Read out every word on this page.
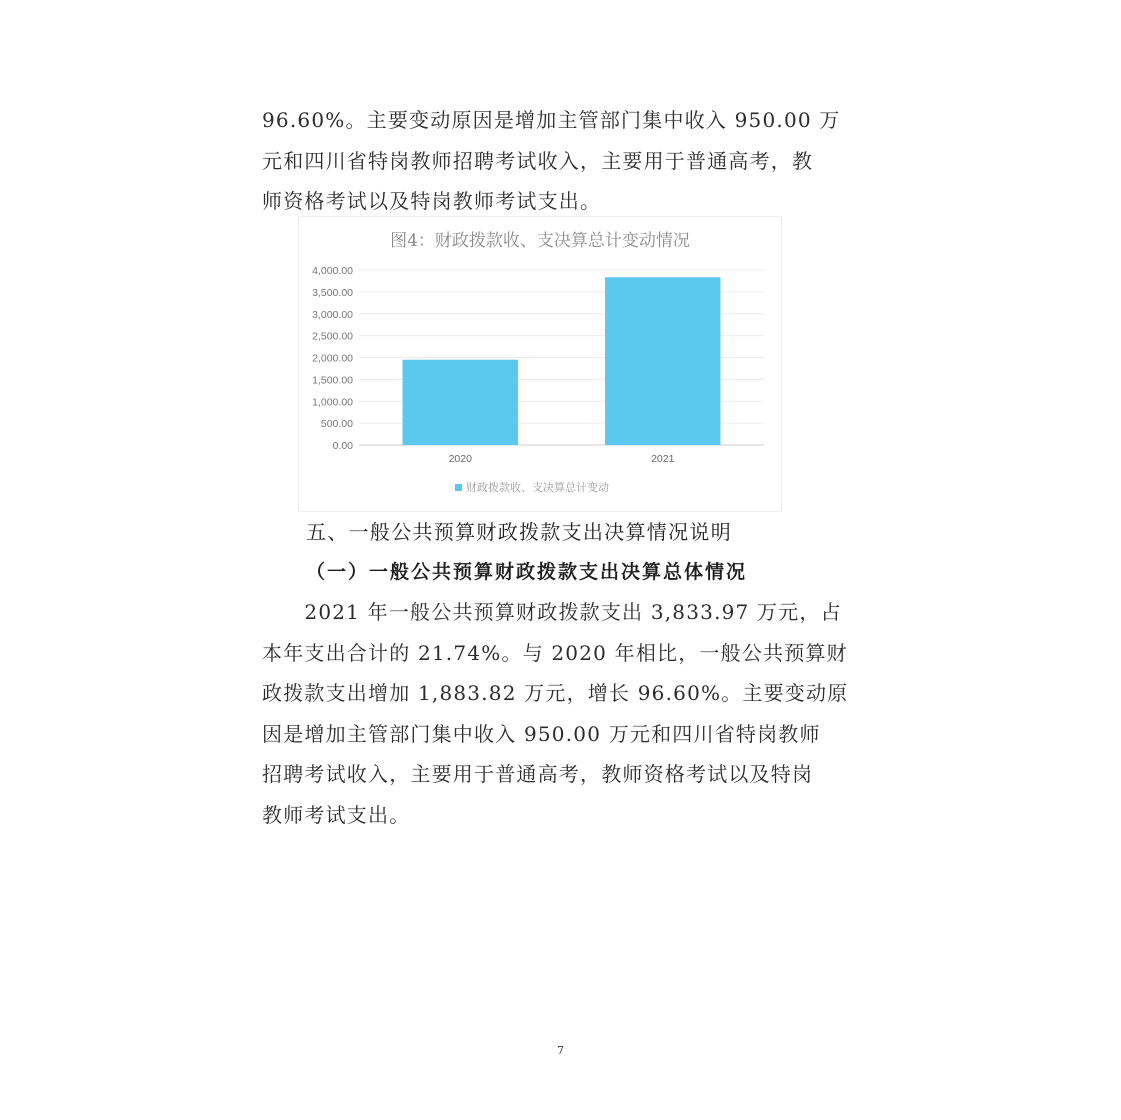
96.60%。主要变动原因是增加主管部门集中收入 950.00 万
元和四川省特岗教师招聘考试收入，主要用于普通高考，教
师资格考试以及特岗教师考试支出。

图4：财政拨款收、支决算总计变动情况
0.00
500.00
1,000.00
1,500.00
2,000.00
2,500.00
3,000.00
3,500.00
4,000.00
2020	2021
财政拨款收、支决算总计变动
五、一般公共预算财政拨款支出决算情况说明
（一）一般公共预算财政拨款支出决算总体情况

　　2021 年一般公共预算财政拨款支出 3,833.97 万元，占
本年支出合计的 21.74%。与 2020 年相比，一般公共预算财
政拨款支出增加 1,883.82 万元，增长 96.60%。主要变动原
因是增加主管部门集中收入 950.00 万元和四川省特岗教师
招聘考试收入，主要用于普通高考，教师资格考试以及特岗
教师考试支出。

7
